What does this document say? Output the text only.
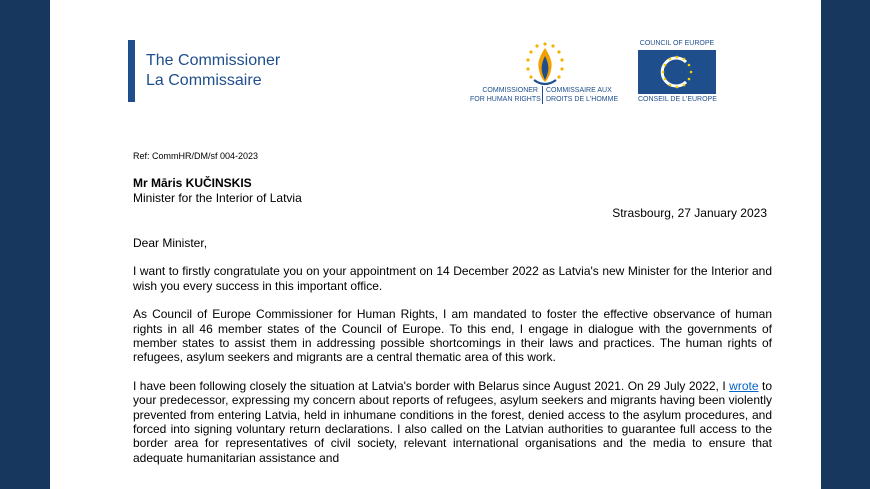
The Commissioner
La Commissaire
COMMISSIONER
FOR HUMAN RIGHTS
COMMISSAIRE AUX
DROITS DE L'HOMME
COUNCIL OF EUROPE
CONSEIL DE L'EUROPE
Ref: CommHR/DM/sf 004-2023
Mr Māris KUČINSKIS
Minister for the Interior of Latvia
Strasbourg, 27 January 2023

Dear Minister,

I want to firstly congratulate you on your appointment on 14 December 2022 as Latvia's new Minister for the Interior and wish you every success in this important office.

As Council of Europe Commissioner for Human Rights, I am mandated to foster the effective observance of human rights in all 46 member states of the Council of Europe. To this end, I engage in dialogue with the governments of member states to assist them in addressing possible shortcomings in their laws and practices. The human rights of refugees, asylum seekers and migrants are a central thematic area of this work.

I have been following closely the situation at Latvia's border with Belarus since August 2021. On 29 July 2022, I wrote to your predecessor, expressing my concern about reports of refugees, asylum seekers and migrants having been violently prevented from entering Latvia, held in inhumane conditions in the forest, denied access to the asylum procedures, and forced into signing voluntary return declarations. I also called on the Latvian authorities to guarantee full access to the border area for representatives of civil society, relevant international organisations and the media to ensure that adequate humanitarian assistance and
